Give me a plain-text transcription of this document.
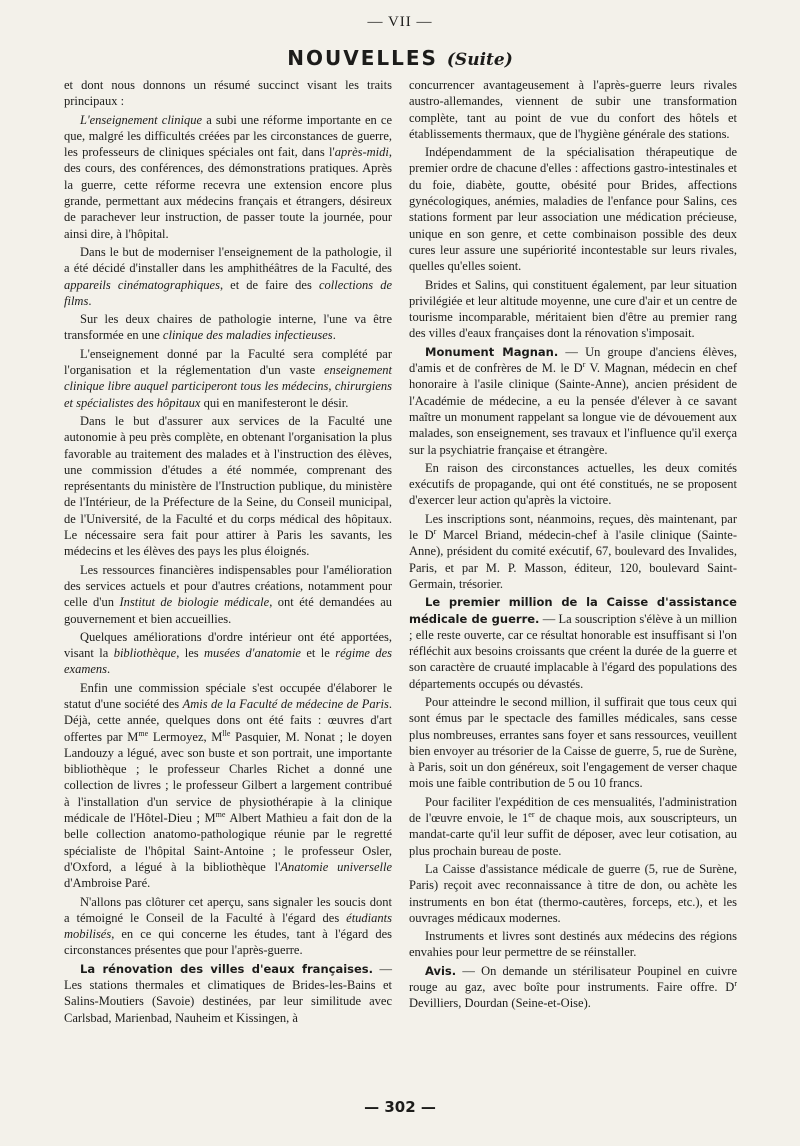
— VII —
NOUVELLES (Suite)

et dont nous donnons un résumé succinct visant les traits principaux :

L'enseignement clinique a subi une réforme importante en ce que, malgré les difficultés créées par les circonstances de guerre, les professeurs de cliniques spéciales ont fait, dans l'après-midi, des cours, des conférences, des démonstrations pratiques. Après la guerre, cette réforme recevra une extension encore plus grande, permettant aux médecins français et étrangers, désireux de parachever leur instruction, de passer toute la journée, pour ainsi dire, à l'hôpital.

Dans le but de moderniser l'enseignement de la pathologie, il a été décidé d'installer dans les amphithéâtres de la Faculté, des appareils cinématographiques, et de faire des collections de films.

Sur les deux chaires de pathologie interne, l'une va être transformée en une clinique des maladies infectieuses.

L'enseignement donné par la Faculté sera complété par l'organisation et la réglementation d'un vaste enseignement clinique libre auquel participeront tous les médecins, chirurgiens et spécialistes des hôpitaux qui en manifesteront le désir.

Dans le but d'assurer aux services de la Faculté une autonomie à peu près complète, en obtenant l'organisation la plus favorable au traitement des malades et à l'instruction des élèves, une commission d'études a été nommée, comprenant des représentants du ministère de l'Instruction publique, du ministère de l'Intérieur, de la Préfecture de la Seine, du Conseil municipal, de l'Université, de la Faculté et du corps médical des hôpitaux. Le nécessaire sera fait pour attirer à Paris les savants, les médecins et les élèves des pays les plus éloignés.

Les ressources financières indispensables pour l'amélioration des services actuels et pour d'autres créations, notamment pour celle d'un Institut de biologie médicale, ont été demandées au gouvernement et bien accueillies.

Quelques améliorations d'ordre intérieur ont été apportées, visant la bibliothèque, les musées d'anatomie et le régime des examens.

Enfin une commission spéciale s'est occupée d'élaborer le statut d'une société des Amis de la Faculté de médecine de Paris. Déjà, cette année, quelques dons ont été faits : œuvres d'art offertes par $M^{me}$ Lermoyez, $M^{lle}$ Pasquier, M. Nonat ; le doyen Landouzy a légué, avec son buste et son portrait, une importante bibliothèque ; le professeur Charles Richet a donné une collection de livres ; le professeur Gilbert a largement contribué à l'installation d'un service de physiothérapie à la clinique médicale de l'Hôtel-Dieu ; $M^{me}$ Albert Mathieu a fait don de la belle collection anatomo-pathologique réunie par le regretté spécialiste de l'hôpital Saint-Antoine ; le professeur Osler, d'Oxford, a légué à la bibliothèque l'Anatomie universelle d'Ambroise Paré.

N'allons pas clôturer cet aperçu, sans signaler les soucis dont a témoigné le Conseil de la Faculté à l'égard des étudiants mobilisés, en ce qui concerne les études, tant à l'égard des circonstances présentes que pour l'après-guerre.

La rénovation des villes d'eaux françaises. — Les stations thermales et climatiques de Brides-les-Bains et Salins-Moutiers (Savoie) destinées, par leur similitude avec Carlsbad, Marienbad, Nauheim et Kissingen, à

concurrencer avantageusement à l'après-guerre leurs rivales austro-allemandes, viennent de subir une transformation complète, tant au point de vue du confort des hôtels et établissements thermaux, que de l'hygiène générale des stations.

Indépendamment de la spécialisation thérapeutique de premier ordre de chacune d'elles : affections gastro-intestinales et du foie, diabète, goutte, obésité pour Brides, affections gynécologiques, anémies, maladies de l'enfance pour Salins, ces stations forment par leur association une médication précieuse, unique en son genre, et cette combinaison possible des deux cures leur assure une supériorité incontestable sur leurs rivales, quelles qu'elles soient.

Brides et Salins, qui constituent également, par leur situation privilégiée et leur altitude moyenne, une cure d'air et un centre de tourisme incomparable, méritaient bien d'être au premier rang des villes d'eaux françaises dont la rénovation s'imposait.

Monument Magnan. — Un groupe d'anciens élèves, d'amis et de confrères de M. le $D^r$ V. Magnan, médecin en chef honoraire à l'asile clinique (Sainte-Anne), ancien président de l'Académie de médecine, a eu la pensée d'élever à ce savant maître un monument rappelant sa longue vie de dévouement aux malades, son enseignement, ses travaux et l'influence qu'il exerça sur la psychiatrie française et étrangère.

En raison des circonstances actuelles, les deux comités exécutifs de propagande, qui ont été constitués, ne se proposent d'exercer leur action qu'après la victoire.

Les inscriptions sont, néanmoins, reçues, dès maintenant, par le $D^r$ Marcel Briand, médecin-chef à l'asile clinique (Sainte-Anne), président du comité exécutif, 67, boulevard des Invalides, Paris, et par M. P. Masson, éditeur, 120, boulevard Saint-Germain, trésorier.

Le premier million de la Caisse d'assistance médicale de guerre. — La souscription s'élève à un million ; elle reste ouverte, car ce résultat honorable est insuffisant si l'on réfléchit aux besoins croissants que créent la durée de la guerre et son caractère de cruauté implacable à l'égard des populations des départements occupés ou dévastés.

Pour atteindre le second million, il suffirait que tous ceux qui sont émus par le spectacle des familles médicales, sans cesse plus nombreuses, errantes sans foyer et sans ressources, veuillent bien envoyer au trésorier de la Caisse de guerre, 5, rue de Surène, à Paris, soit un don généreux, soit l'engagement de verser chaque mois une faible contribution de 5 ou 10 francs.

Pour faciliter l'expédition de ces mensualités, l'administration de l'œuvre envoie, le 1er de chaque mois, aux souscripteurs, un mandat-carte qu'il leur suffit de déposer, avec leur cotisation, au plus prochain bureau de poste.

La Caisse d'assistance médicale de guerre (5, rue de Surène, Paris) reçoit avec reconnaissance à titre de don, ou achète les instruments en bon état (thermo-cautères, forceps, etc.), et les ouvrages médicaux modernes.

Instruments et livres sont destinés aux médecins des régions envahies pour leur permettre de se réinstaller.

Avis. — On demande un stérilisateur Poupinel en cuivre rouge au gaz, avec boîte pour instruments. Faire offre. $D^r$ Devilliers, Dourdan (Seine-et-Oise).

— 302 —
